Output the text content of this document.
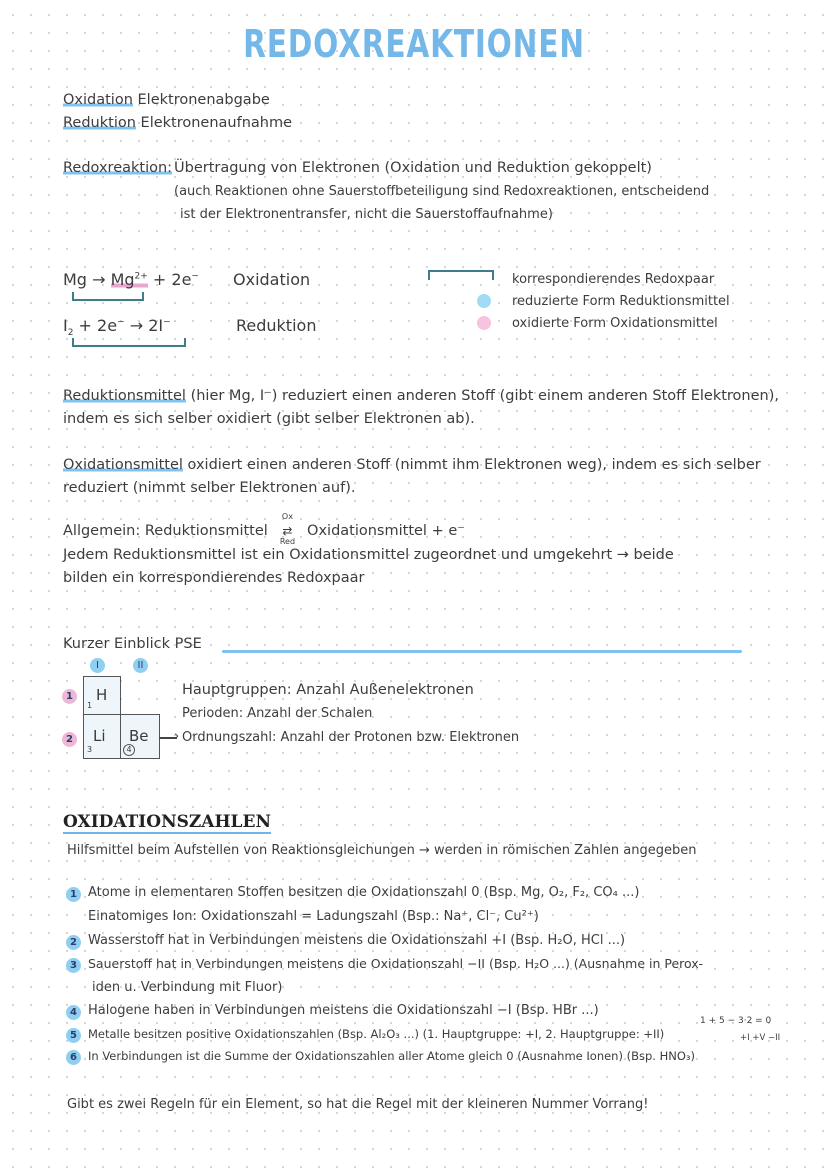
REDOXREAKTIONEN
Oxidation Elektronenabgabe
Reduktion Elektronenaufnahme
Redoxreaktion: Übertragung von Elektronen (Oxidation und Reduktion gekoppelt)
(auch Reaktionen ohne Sauerstoffbeteiligung sind Redoxreaktionen, entscheidend
ist der Elektronentransfer, nicht die Sauerstoffaufnahme)
$Mg \to Mg^{2+} + 2e^-$ Oxidation
$I_2 + 2e^- \to 2I^-$	Reduktion
korrespondierendes Redoxpaar
reduzierte Form Reduktionsmittel
oxidierte Form Oxidationsmittel
Reduktionsmittel (hier Mg, I⁻) reduziert einen anderen Stoff (gibt einem anderen Stoff Elektronen),
indem es sich selber oxidiert (gibt selber Elektronen ab).
Oxidationsmittel oxidiert einen anderen Stoff (nimmt ihm Elektronen weg), indem es sich selber
reduziert (nimmt selber Elektronen auf).
Allgemein: Reduktionsmittel
Ox
⇄
Red
Oxidationsmittel + e⁻
Jedem Reduktionsmittel ist ein Oxidationsmittel zugeordnet und umgekehrt → beide
bilden ein korrespondierendes Redoxpaar
Kurzer Einblick PSE
I	II
1
2
H
1
Li
3
Be
4
›
Hauptgruppen: Anzahl Außenelektronen
Perioden: Anzahl der Schalen
Ordnungszahl: Anzahl der Protonen bzw. Elektronen
OXIDATIONSZAHLEN
Hilfsmittel beim Aufstellen von Reaktionsgleichungen → werden in römischen Zahlen angegeben
1 Atome in elementaren Stoffen besitzen die Oxidationszahl 0 (Bsp. Mg, O₂, F₂, CO₄ ...)
Einatomiges Ion: Oxidationszahl = Ladungszahl (Bsp.: Na⁺, Cl⁻, Cu²⁺)
2 Wasserstoff hat in Verbindungen meistens die Oxidationszahl +I (Bsp. H₂O, HCl ...)
3 Sauerstoff hat in Verbindungen meistens die Oxidationszahl −II (Bsp. H₂O ...) (Ausnahme in Perox-
iden u. Verbindung mit Fluor)
4 Halogene haben in Verbindungen meistens die Oxidationszahl −I (Bsp. HBr ...)
5 Metalle besitzen positive Oxidationszahlen (Bsp. Al₂O₃ ...) (1. Hauptgruppe: +I, 2. Hauptgruppe: +II)
6 In Verbindungen ist die Summe der Oxidationszahlen aller Atome gleich 0 (Ausnahme Ionen) (Bsp. HNO₃)
1 + 5 − 3·2 = 0
+I +V −II
Gibt es zwei Regeln für ein Element, so hat die Regel mit der kleineren Nummer Vorrang!
